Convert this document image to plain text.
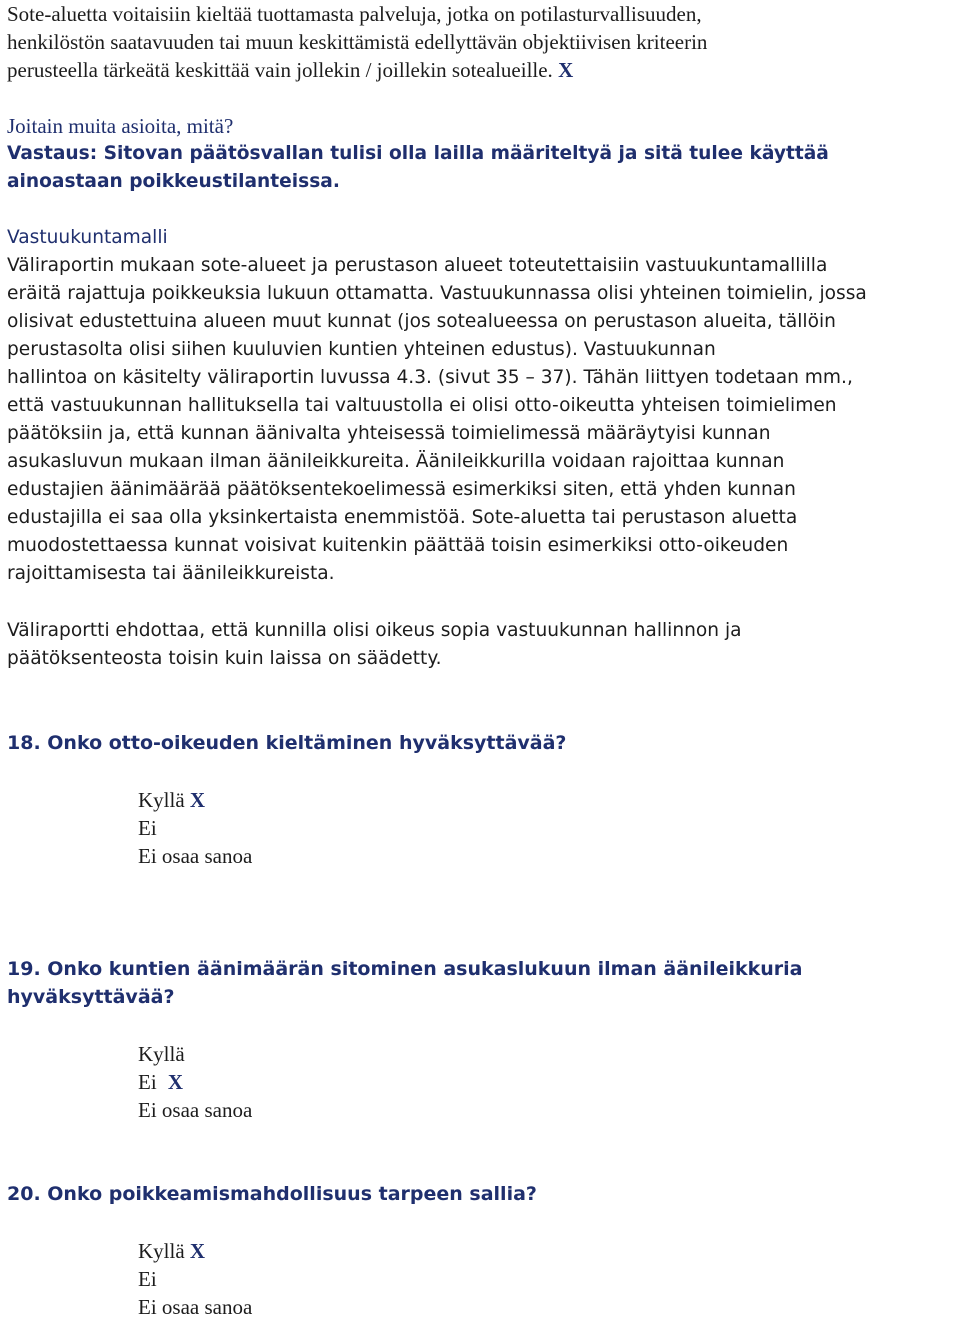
Sote-aluetta voitaisiin kieltää tuottamasta palveluja, jotka on potilasturvallisuuden,
henkilöstön saatavuuden tai muun keskittämistä edellyttävän objektiivisen kriteerin
perusteella tärkeätä keskittää vain jollekin / joillekin sotealueille. X
Joitain muita asioita, mitä?
Vastaus: Sitovan päätösvallan tulisi olla lailla määriteltyä ja sitä tulee käyttää
ainoastaan poikkeustilanteissa.
Vastuukuntamalli
Väliraportin mukaan sote-alueet ja perustason alueet toteutettaisiin vastuukuntamallilla
eräitä rajattuja poikkeuksia lukuun ottamatta. Vastuukunnassa olisi yhteinen toimielin, jossa
olisivat edustettuina alueen muut kunnat (jos sotealueessa on perustason alueita, tällöin
perustasolta olisi siihen kuuluvien kuntien yhteinen edustus). Vastuukunnan
hallintoa on käsitelty väliraportin luvussa 4.3. (sivut 35 – 37). Tähän liittyen todetaan mm.,
että vastuukunnan hallituksella tai valtuustolla ei olisi otto-oikeutta yhteisen toimielimen
päätöksiin ja, että kunnan äänivalta yhteisessä toimielimessä määräytyisi kunnan
asukasluvun mukaan ilman äänileikkureita. Äänileikkurilla voidaan rajoittaa kunnan
edustajien äänimäärää päätöksentekoelimessä esimerkiksi siten, että yhden kunnan
edustajilla ei saa olla yksinkertaista enemmistöä. Sote-aluetta tai perustason aluetta
muodostettaessa kunnat voisivat kuitenkin päättää toisin esimerkiksi otto-oikeuden
rajoittamisesta tai äänileikkureista.
Väliraportti ehdottaa, että kunnilla olisi oikeus sopia vastuukunnan hallinnon ja
päätöksenteosta toisin kuin laissa on säädetty.
18. Onko otto-oikeuden kieltäminen hyväksyttävää?
Kyllä X
Ei
Ei osaa sanoa
19. Onko kuntien äänimäärän sitominen asukaslukuun ilman äänileikkuria
hyväksyttävää?
Kyllä
Ei X
Ei osaa sanoa
20. Onko poikkeamismahdollisuus tarpeen sallia?
Kyllä X
Ei
Ei osaa sanoa
